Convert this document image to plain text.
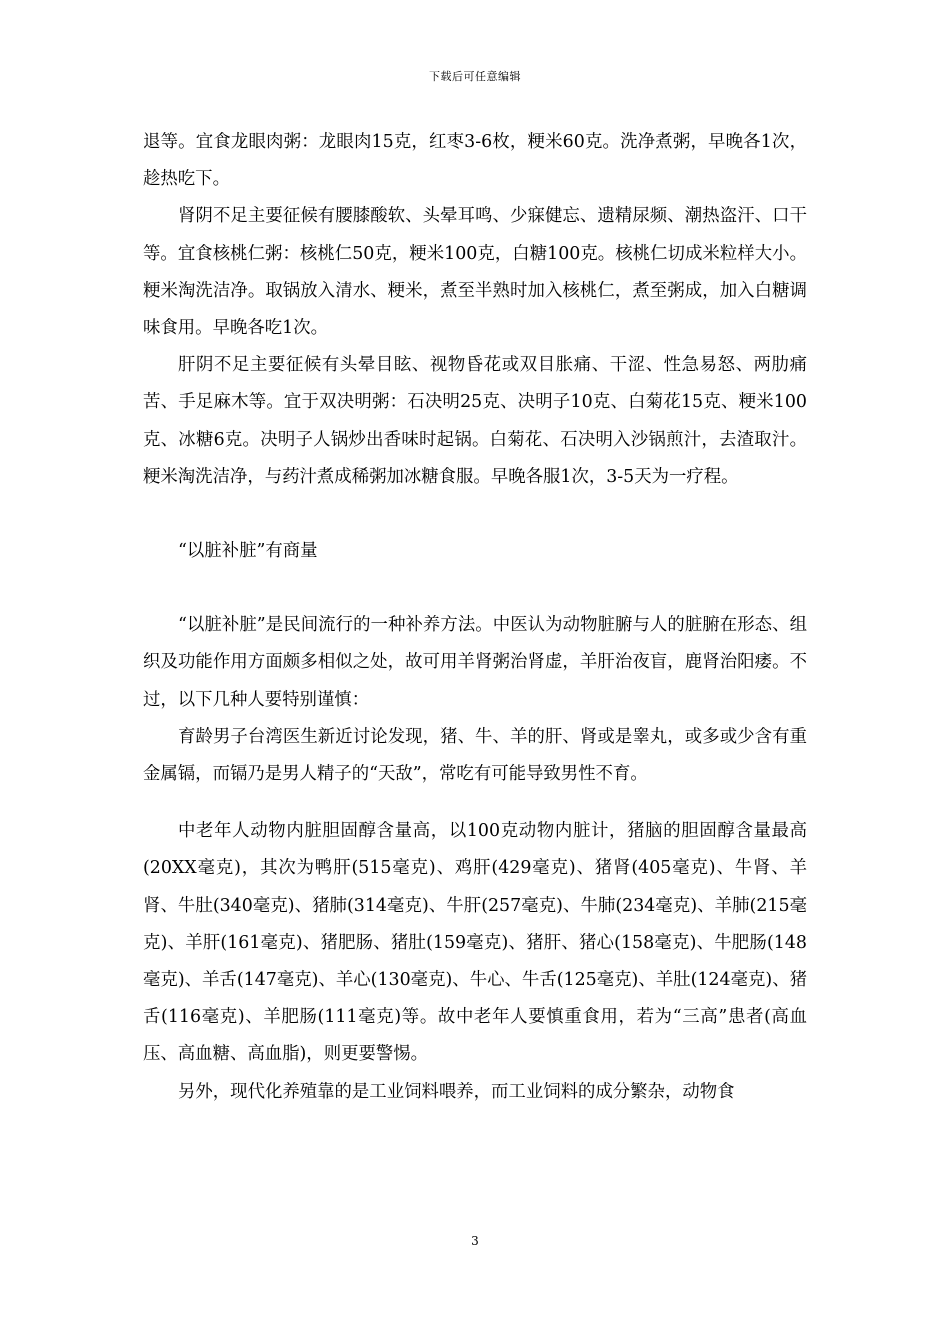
下载后可任意编辑

退等。宜食龙眼肉粥：龙眼肉15克，红枣3-6枚，粳米60克。洗净煮粥，早晚各1次，趁热吃下。

肾阴不足主要征候有腰膝酸软、头晕耳鸣、少寐健忘、遗精尿频、潮热盗汗、口干等。宜食核桃仁粥：核桃仁50克，粳米100克，白糖100克。核桃仁切成米粒样大小。粳米淘洗洁净。取锅放入清水、粳米，煮至半熟时加入核桃仁，煮至粥成，加入白糖调味食用。早晚各吃1次。

肝阴不足主要征候有头晕目眩、视物昏花或双目胀痛、干涩、性急易怒、两肋痛苦、手足麻木等。宜于双决明粥：石决明25克、决明子10克、白菊花15克、粳米100克、冰糖6克。决明子人锅炒出香味时起锅。白菊花、石决明入沙锅煎汁，去渣取汁。粳米淘洗洁净，与药汁煮成稀粥加冰糖食服。早晚各服1次，3-5天为一疗程。

“以脏补脏”有商量

“以脏补脏”是民间流行的一种补养方法。中医认为动物脏腑与人的脏腑在形态、组织及功能作用方面颇多相似之处，故可用羊肾粥治肾虚，羊肝治夜盲，鹿肾治阳痿。不过，以下几种人要特别谨慎：

育龄男子台湾医生新近讨论发现，猪、牛、羊的肝、肾或是睾丸，或多或少含有重金属镉，而镉乃是男人精子的“天敌”，常吃有可能导致男性不育。

中老年人动物内脏胆固醇含量高，以100克动物内脏计，猪脑的胆固醇含量最高(20XX毫克)，其次为鸭肝(515毫克)、鸡肝(429毫克)、猪肾(405毫克)、牛肾、羊肾、牛肚(340毫克)、猪肺(314毫克)、牛肝(257毫克)、牛肺(234毫克)、羊肺(215毫克)、羊肝(161毫克)、猪肥肠、猪肚(159毫克)、猪肝、猪心(158毫克)、牛肥肠(148毫克)、羊舌(147毫克)、羊心(130毫克)、牛心、牛舌(125毫克)、羊肚(124毫克)、猪舌(116毫克)、羊肥肠(111毫克)等。故中老年人要慎重食用，若为“三高”患者(高血压、高血糖、高血脂)，则更要警惕。

另外，现代化养殖靠的是工业饲料喂养，而工业饲料的成分繁杂，动物食

3
